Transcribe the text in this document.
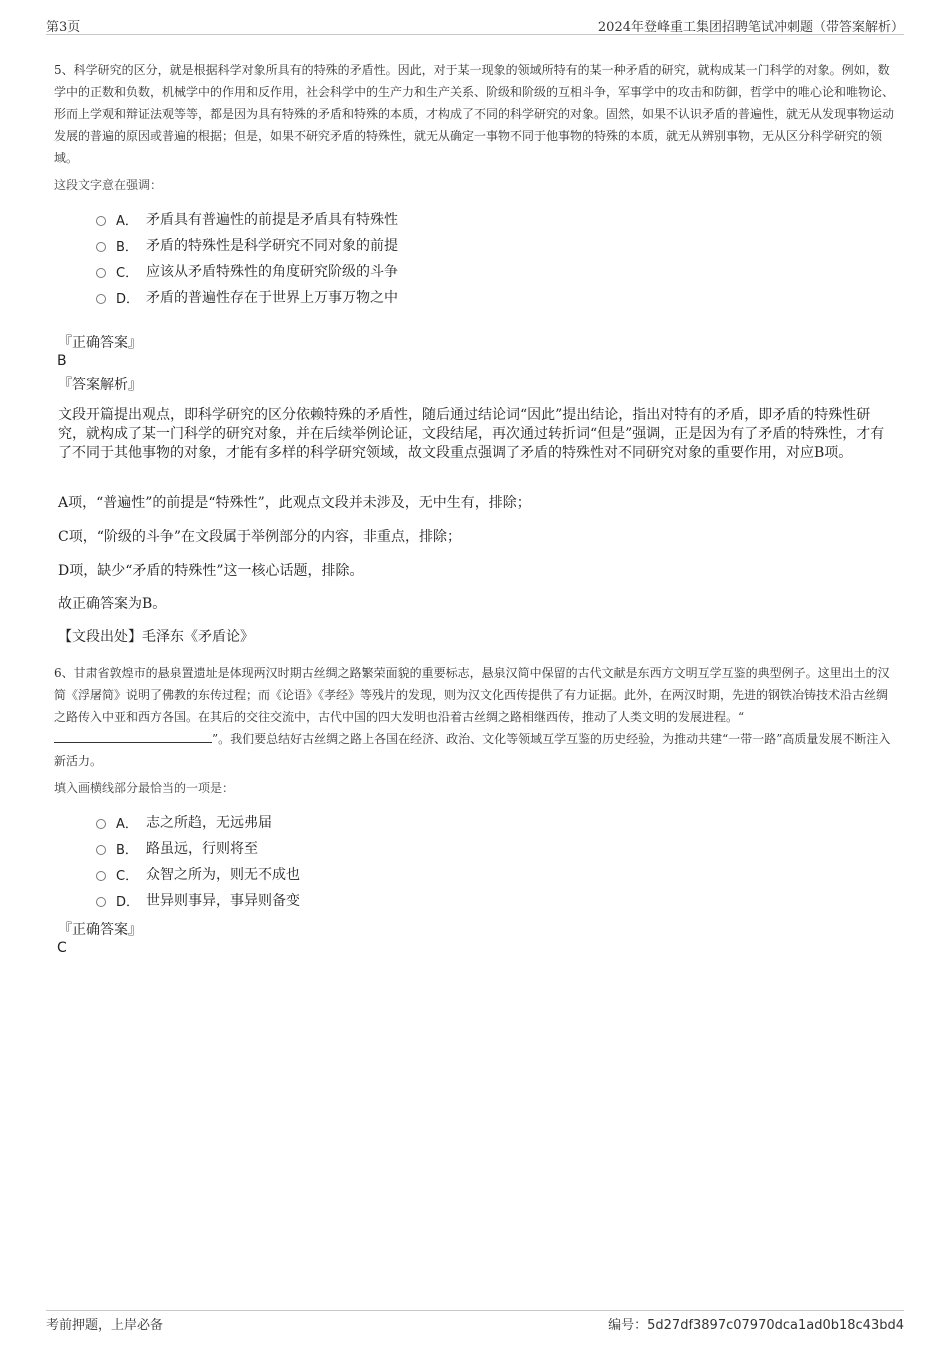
第3页	2024年登峰重工集团招聘笔试冲刺题（带答案解析）
5、科学研究的区分，就是根据科学对象所具有的特殊的矛盾性。因此，对于某一现象的领域所特有的某一种矛盾的研究，就构成某一门科学的对象。例如，数学中的正数和负数，机械学中的作用和反作用，社会科学中的生产力和生产关系、阶级和阶级的互相斗争，军事学中的攻击和防御，哲学中的唯心论和唯物论、形而上学观和辩证法观等等，都是因为具有特殊的矛盾和特殊的本质，才构成了不同的科学研究的对象。固然，如果不认识矛盾的普遍性，就无从发现事物运动发展的普遍的原因或普遍的根据；但是，如果不研究矛盾的特殊性，就无从确定一事物不同于他事物的特殊的本质，就无从辨别事物，无从区分科学研究的领域。
这段文字意在强调：
A． 矛盾具有普遍性的前提是矛盾具有特殊性
B． 矛盾的特殊性是科学研究不同对象的前提
C． 应该从矛盾特殊性的角度研究阶级的斗争
D． 矛盾的普遍性存在于世界上万事万物之中
『正确答案』
B
『答案解析』
文段开篇提出观点，即科学研究的区分依赖特殊的矛盾性，随后通过结论词“因此”提出结论，指出对特有的矛盾，即矛盾的特殊性研究，就构成了某一门科学的研究对象，并在后续举例论证，文段结尾，再次通过转折词“但是”强调，正是因为有了矛盾的特殊性，才有了不同于其他事物的对象，才能有多样的科学研究领域，故文段重点强调了矛盾的特殊性对不同研究对象的重要作用，对应B项。
A项，“普遍性”的前提是“特殊性”，此观点文段并未涉及，无中生有，排除；
C项，“阶级的斗争”在文段属于举例部分的内容，非重点，排除；
D项，缺少“矛盾的特殊性”这一核心话题，排除。
故正确答案为B。
【文段出处】毛泽东《矛盾论》
6、甘肃省敦煌市的悬泉置遗址是体现两汉时期古丝绸之路繁荣面貌的重要标志，悬泉汉简中保留的古代文献是东西方文明互学互鉴的典型例子。这里出土的汉简《浮屠简》说明了佛教的东传过程；而《论语》《孝经》等残片的发现，则为汉文化西传提供了有力证据。此外，在两汉时期，先进的钢铁冶铸技术沿古丝绸之路传入中亚和西方各国。在其后的交往交流中，古代中国的四大发明也沿着古丝绸之路相继西传，推动了人类文明的发展进程。“”。我们要总结好古丝绸之路上各国在经济、政治、文化等领域互学互鉴的历史经验，为推动共建“一带一路”高质量发展不断注入新活力。
填入画横线部分最恰当的一项是：
A． 志之所趋，无远弗届
B． 路虽远，行则将至
C． 众智之所为，则无不成也
D． 世异则事异，事异则备变
『正确答案』
C
考前押题，上岸必备	编号：5d27df3897c07970dca1ad0b18c43bd4
